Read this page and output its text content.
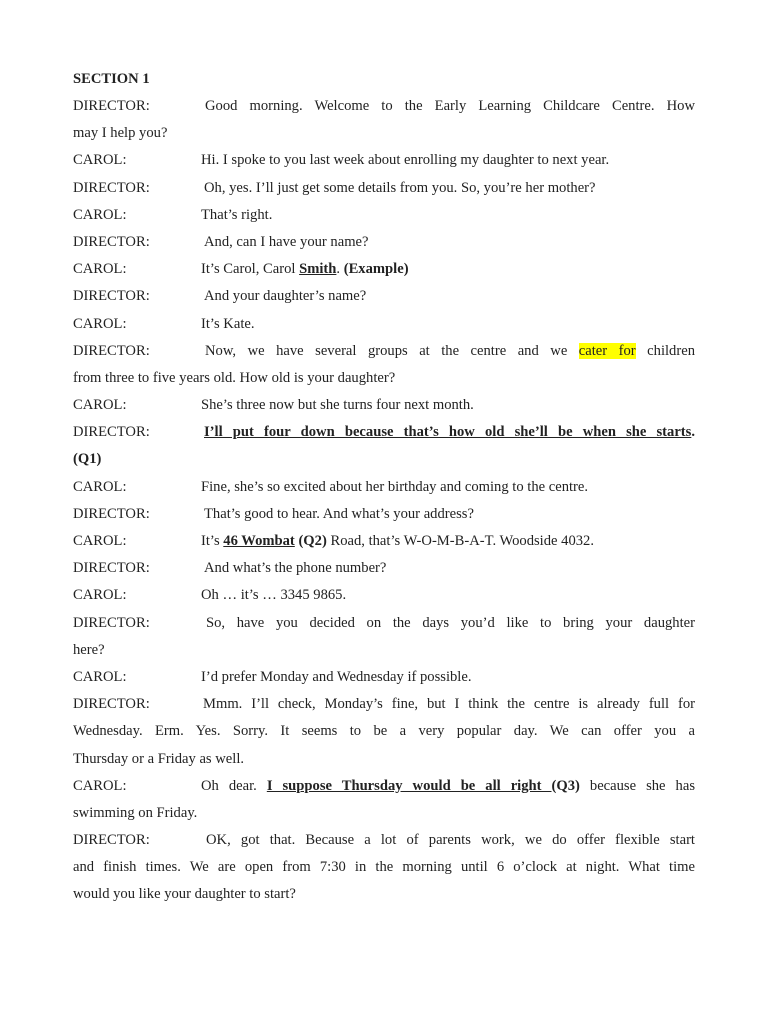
SECTION 1
DIRECTOR:	Good morning. Welcome to the Early Learning Childcare Centre. How
may I help you?
CAROL:	Hi. I spoke to you last week about enrolling my daughter to next year.
DIRECTOR:	Oh, yes. I’ll just get some details from you. So, you’re her mother?
CAROL:	That’s right.
DIRECTOR:	And, can I have your name?
CAROL:	It’s Carol, Carol Smith. (Example)
DIRECTOR:	And your daughter’s name?
CAROL:	It’s Kate.
DIRECTOR:	Now, we have several groups at the centre and we cater for children
from three to five years old. How old is your daughter?
CAROL:	She’s three now but she turns four next month.
DIRECTOR:	I’ll put four down because that’s how old she’ll be when she starts.
(Q1)
CAROL:	Fine, she’s so excited about her birthday and coming to the centre.
DIRECTOR:	That’s good to hear. And what’s your address?
CAROL:	It’s 46 Wombat (Q2) Road, that’s W-O-M-B-A-T. Woodside 4032.
DIRECTOR:	And what’s the phone number?
CAROL:	Oh … it’s … 3345 9865.
DIRECTOR:	So, have you decided on the days you’d like to bring your daughter
here?
CAROL:	I’d prefer Monday and Wednesday if possible.
DIRECTOR:	Mmm. I’ll check, Monday’s fine, but I think the centre is already full for
Wednesday. Erm. Yes. Sorry. It seems to be a very popular day. We can offer you a
Thursday or a Friday as well.
CAROL:	Oh dear. I suppose Thursday would be all right (Q3) because she has
swimming on Friday.
DIRECTOR:	OK, got that. Because a lot of parents work, we do offer flexible start
and finish times. We are open from 7:30 in the morning until 6 o’clock at night. What time
would you like your daughter to start?
